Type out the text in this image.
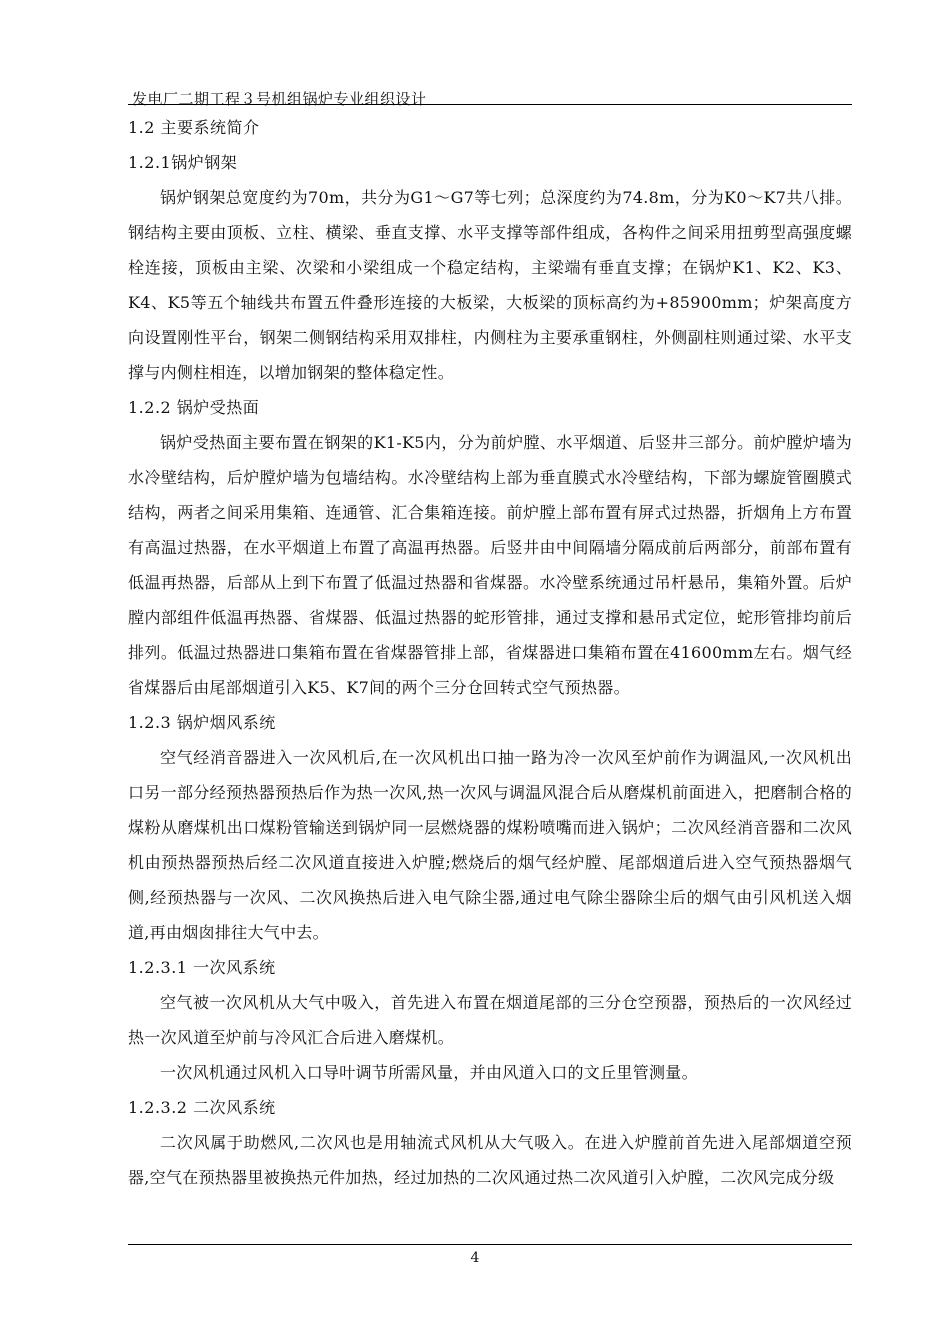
发电厂二期工程３号机组锅炉专业组织设计

1.2 主要系统简介

1.2.1锅炉钢架

锅炉钢架总宽度约为70m，共分为G1～G7等七列；总深度约为74.8m，分为K0～K7共八排。钢结构主要由顶板、立柱、横梁、垂直支撑、水平支撑等部件组成，各构件之间采用扭剪型高强度螺栓连接，顶板由主梁、次梁和小梁组成一个稳定结构，主梁端有垂直支撑；在锅炉K1、K2、K3、K4、K5等五个轴线共布置五件叠形连接的大板梁，大板梁的顶标高约为+85900mm；炉架高度方向设置刚性平台，钢架二侧钢结构采用双排柱，内侧柱为主要承重钢柱，外侧副柱则通过梁、水平支撑与内侧柱相连，以增加钢架的整体稳定性。

1.2.2 锅炉受热面

锅炉受热面主要布置在钢架的K1-K5内，分为前炉膛、水平烟道、后竖井三部分。前炉膛炉墙为水冷壁结构，后炉膛炉墙为包墙结构。水冷壁结构上部为垂直膜式水冷壁结构，下部为螺旋管圈膜式结构，两者之间采用集箱、连通管、汇合集箱连接。前炉膛上部布置有屏式过热器，折烟角上方布置有高温过热器，在水平烟道上布置了高温再热器。后竖井由中间隔墙分隔成前后两部分，前部布置有低温再热器，后部从上到下布置了低温过热器和省煤器。水冷壁系统通过吊杆悬吊，集箱外置。后炉膛内部组件低温再热器、省煤器、低温过热器的蛇形管排，通过支撑和悬吊式定位，蛇形管排均前后排列。低温过热器进口集箱布置在省煤器管排上部，省煤器进口集箱布置在41600mm左右。烟气经省煤器后由尾部烟道引入K5、K7间的两个三分仓回转式空气预热器。

1.2.3 锅炉烟风系统

空气经消音器进入一次风机后,在一次风机出口抽一路为冷一次风至炉前作为调温风,一次风机出口另一部分经预热器预热后作为热一次风,热一次风与调温风混合后从磨煤机前面进入，把磨制合格的煤粉从磨煤机出口煤粉管输送到锅炉同一层燃烧器的煤粉喷嘴而进入锅炉；二次风经消音器和二次风机由预热器预热后经二次风道直接进入炉膛;燃烧后的烟气经炉膛、尾部烟道后进入空气预热器烟气侧,经预热器与一次风、二次风换热后进入电气除尘器,通过电气除尘器除尘后的烟气由引风机送入烟道,再由烟囱排往大气中去。

1.2.3.1 一次风系统

空气被一次风机从大气中吸入，首先进入布置在烟道尾部的三分仓空预器，预热后的一次风经过热一次风道至炉前与冷风汇合后进入磨煤机。

一次风机通过风机入口导叶调节所需风量，并由风道入口的文丘里管测量。

1.2.3.2 二次风系统

二次风属于助燃风,二次风也是用轴流式风机从大气吸入。在进入炉膛前首先进入尾部烟道空预器,空气在预热器里被换热元件加热，经过加热的二次风通过热二次风道引入炉膛，二次风完成分级

4
